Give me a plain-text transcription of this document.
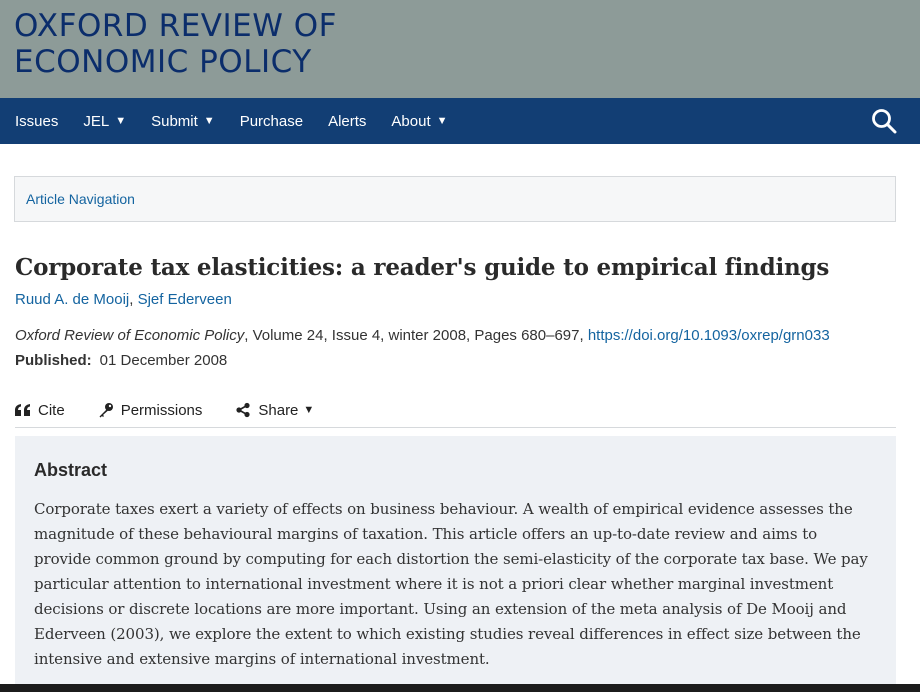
OXFORD REVIEW OF
ECONOMIC POLICY
Issues JEL ▼ Submit ▼ Purchase Alerts About ▼
Article Navigation
Corporate tax elasticities: a reader's guide to empirical findings
Ruud A. de Mooij, Sjef Ederveen
Oxford Review of Economic Policy, Volume 24, Issue 4, winter 2008, Pages 680–697, https://doi.org/10.1093/oxrep/grn033
Published: 01 December 2008
Cite	Permissions	Share ▼
Abstract

Corporate taxes exert a variety of effects on business behaviour. A wealth of empirical evidence assesses the magnitude of these behavioural margins of taxation. This article offers an up-to-date review and aims to provide common ground by computing for each distortion the semi-elasticity of the corporate tax base. We pay particular attention to international investment where it is not a priori clear whether marginal investment decisions or discrete locations are more important. Using an extension of the meta analysis of De Mooij and Ederveen (2003), we explore the extent to which existing studies reveal differences in effect size between the intensive and extensive margins of international investment.
